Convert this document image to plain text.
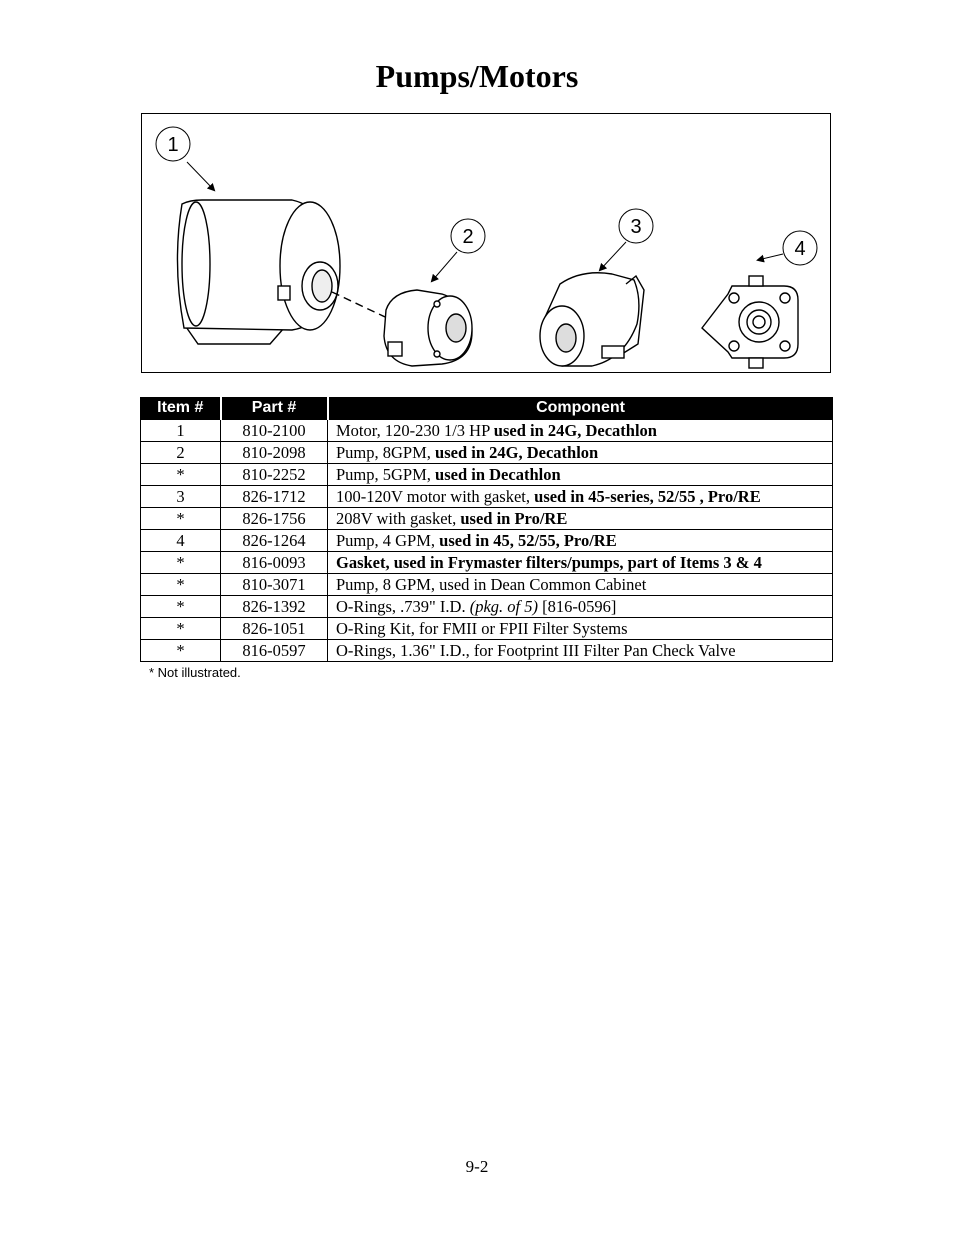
Pumps/Motors
1
2	3
4
Item #	Part #	Component
1	810-2100	Motor, 120-230 1/3 HP used in 24G, Decathlon
2	810-2098	Pump, 8GPM, used in 24G, Decathlon
*	810-2252	Pump, 5GPM, used in Decathlon
3	826-1712	100-120V motor with gasket, used in 45-series, 52/55 , Pro/RE
*	826-1756	208V with gasket, used in Pro/RE
4	826-1264	Pump, 4 GPM, used in 45, 52/55, Pro/RE
*	816-0093	Gasket, used in Frymaster filters/pumps, part of Items 3 & 4
*	810-3071	Pump, 8 GPM, used in Dean Common Cabinet
*	826-1392	O-Rings, .739" I.D. (pkg. of 5) [816-0596]
*	826-1051	O-Ring Kit, for FMII or FPII Filter Systems
*	816-0597	O-Rings, 1.36" I.D., for Footprint III Filter Pan Check Valve
* Not illustrated.
9-2
